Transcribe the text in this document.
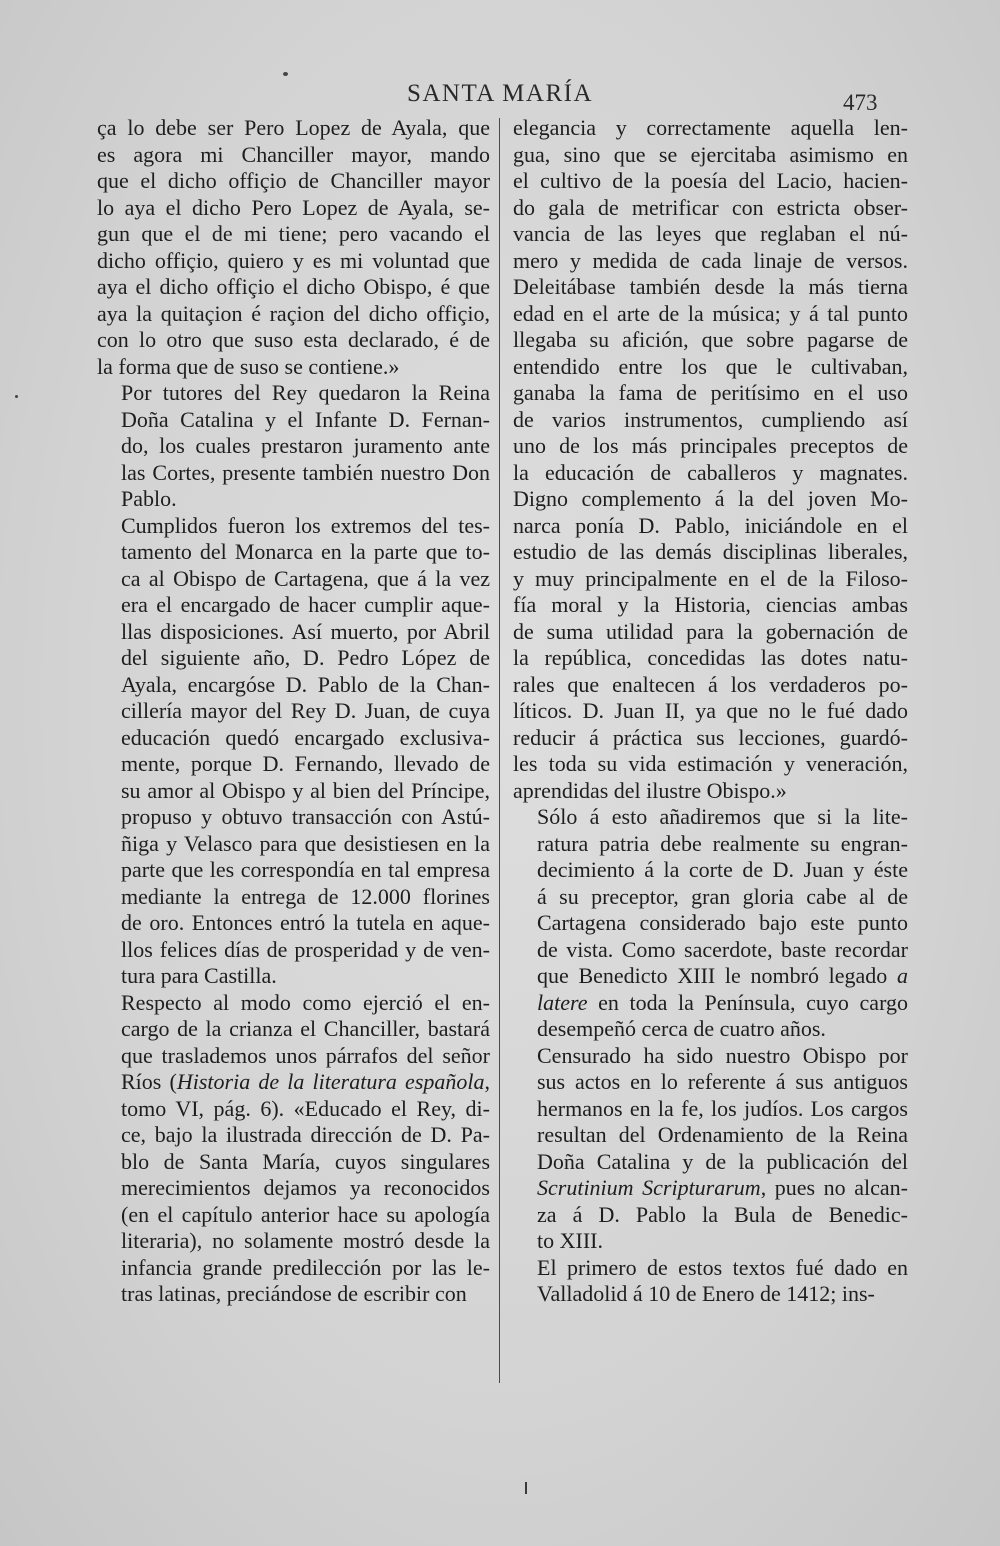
SANTA MARÍA	473

ça lo debe ser Pero Lopez de Ayala, que
es agora mi Chanciller mayor, mando
que el dicho offiçio de Chanciller mayor
lo aya el dicho Pero Lopez de Ayala, se-
gun que el de mi tiene; pero vacando el
dicho offiçio, quiero y es mi voluntad que
aya el dicho offiçio el dicho Obispo, é que
aya la quitaçion é raçion del dicho offiçio,
con lo otro que suso esta declarado, é de
la forma que de suso se contiene.»

Por tutores del Rey quedaron la Reina
Doña Catalina y el Infante D. Fernan-
do, los cuales prestaron juramento ante
las Cortes, presente también nuestro Don
Pablo.

Cumplidos fueron los extremos del tes-
tamento del Monarca en la parte que to-
ca al Obispo de Cartagena, que á la vez
era el encargado de hacer cumplir aque-
llas disposiciones. Así muerto, por Abril
del siguiente año, D. Pedro López de
Ayala, encargóse D. Pablo de la Chan-
cillería mayor del Rey D. Juan, de cuya
educación quedó encargado exclusiva-
mente, porque D. Fernando, llevado de
su amor al Obispo y al bien del Príncipe,
propuso y obtuvo transacción con Astú-
ñiga y Velasco para que desistiesen en la
parte que les correspondía en tal empresa
mediante la entrega de 12.000 florines
de oro. Entonces entró la tutela en aque-
llos felices días de prosperidad y de ven-
tura para Castilla.

Respecto al modo como ejerció el en-
cargo de la crianza el Chanciller, bastará
que traslademos unos párrafos del señor
Ríos (Historia de la literatura española,
tomo VI, pág. 6). «Educado el Rey, di-
ce, bajo la ilustrada dirección de D. Pa-
blo de Santa María, cuyos singulares
merecimientos dejamos ya reconocidos
(en el capítulo anterior hace su apología
literaria), no solamente mostró desde la
infancia grande predilección por las le-
tras latinas, preciándose de escribir con

elegancia y correctamente aquella len-
gua, sino que se ejercitaba asimismo en
el cultivo de la poesía del Lacio, hacien-
do gala de metrificar con estricta obser-
vancia de las leyes que reglaban el nú-
mero y medida de cada linaje de versos.
Deleitábase también desde la más tierna
edad en el arte de la música; y á tal punto
llegaba su afición, que sobre pagarse de
entendido entre los que le cultivaban,
ganaba la fama de peritísimo en el uso
de varios instrumentos, cumpliendo así
uno de los más principales preceptos de
la educación de caballeros y magnates.
Digno complemento á la del joven Mo-
narca ponía D. Pablo, iniciándole en el
estudio de las demás disciplinas liberales,
y muy principalmente en el de la Filoso-
fía moral y la Historia, ciencias ambas
de suma utilidad para la gobernación de
la república, concedidas las dotes natu-
rales que enaltecen á los verdaderos po-
líticos. D. Juan II, ya que no le fué dado
reducir á práctica sus lecciones, guardó-
les toda su vida estimación y veneración,
aprendidas del ilustre Obispo.»

Sólo á esto añadiremos que si la lite-
ratura patria debe realmente su engran-
decimiento á la corte de D. Juan y éste
á su preceptor, gran gloria cabe al de
Cartagena considerado bajo este punto
de vista. Como sacerdote, baste recordar
que Benedicto XIII le nombró legado a
latere en toda la Península, cuyo cargo
desempeñó cerca de cuatro años.

Censurado ha sido nuestro Obispo por
sus actos en lo referente á sus antiguos
hermanos en la fe, los judíos. Los cargos
resultan del Ordenamiento de la Reina
Doña Catalina y de la publicación del
Scrutinium Scripturarum, pues no alcan-
za á D. Pablo la Bula de Benedic-
to XIII.

El primero de estos textos fué dado en
Valladolid á 10 de Enero de 1412; ins-
